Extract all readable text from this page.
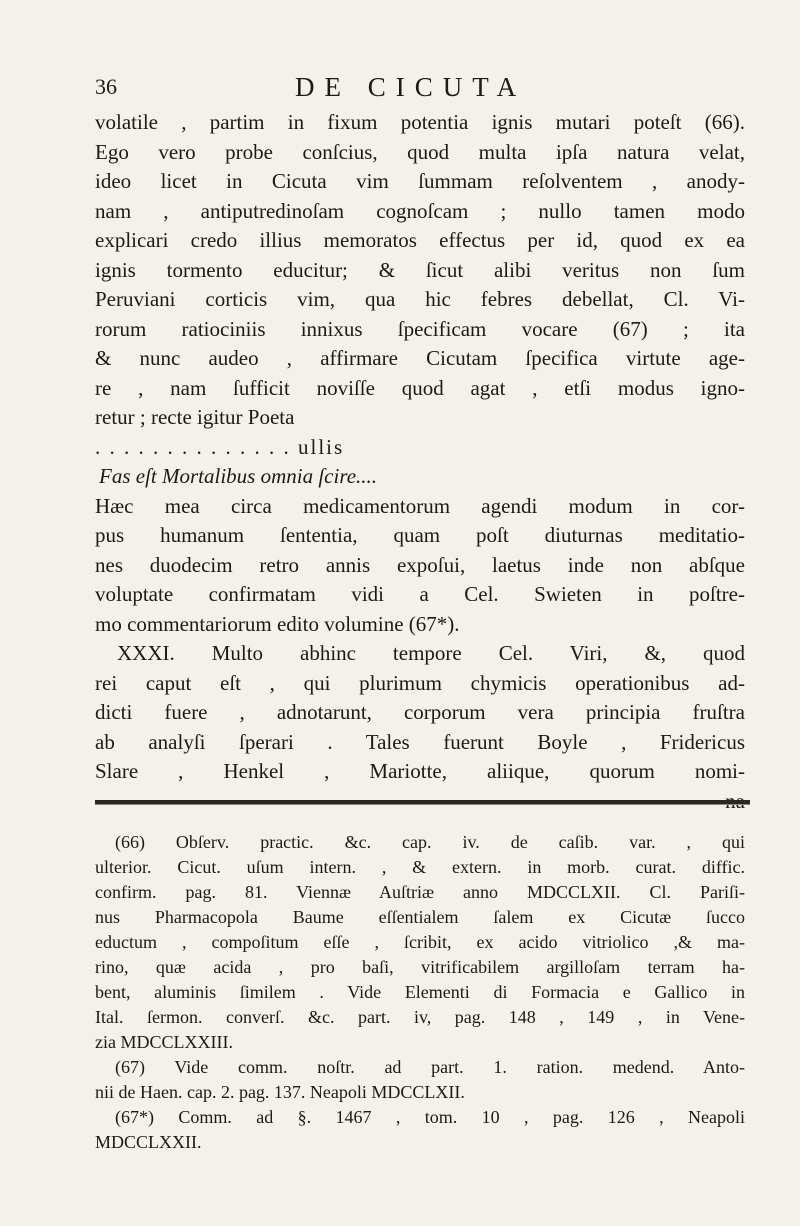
36	DE CICUTA
volatile , partim in fixum potentia ignis mutari poteſt (66).
Ego vero probe conſcius, quod multa ipſa natura velat,
ideo licet in Cicuta vim ſummam reſolventem , anody-
nam , antiputredinoſam cognoſcam ; nullo tamen modo
explicari credo illius memoratos effectus per id, quod ex ea
ignis tormento educitur; & ſicut alibi veritus non ſum
Peruviani corticis vim, qua hic febres debellat, Cl. Vi-
rorum ratiociniis innixus ſpecificam vocare (67) ; ita
& nunc audeo , affirmare Cicutam ſpecifica virtute age-
re , nam ſufficit noviſſe quod agat , etſi modus igno-
retur ; recte igitur Poeta
. . . . . . . . . . . . . . ullis
Fas eſt Mortalibus omnia ſcire....
Hæc mea circa medicamentorum agendi modum in cor-
pus humanum ſententia, quam poſt diuturnas meditatio-
nes duodecim retro annis expoſui, laetus inde non abſque
voluptate confirmatam vidi a Cel. Swieten in poſtre-
mo commentariorum edito volumine (67*).
XXXI. Multo abhinc tempore Cel. Viri, &, quod
rei caput eſt , qui plurimum chymicis operationibus ad-
dicti fuere , adnotarunt, corporum vera principia fruſtra
ab analyſi ſperari . Tales fuerunt Boyle , Fridericus
Slare , Henkel , Mariotte, aliique, quorum nomi-
(66) Obſerv. practic. &c. cap. iv. de caſib. var. , qui
ulterior. Cicut. uſum intern. , & extern. in morb. curat. diffic.
confirm. pag. 81. Viennæ Auſtriæ anno MDCCLXII. Cl. Pariſi-
nus Pharmacopola Baume eſſentialem ſalem ex Cicutæ ſucco
eductum , compoſitum eſſe , ſcribit, ex acido vitriolico ,& ma-
rino, quæ acida , pro baſi, vitrificabilem argilloſam terram ha-
bent, aluminis ſimilem . Vide Elementi di Formacia e Gallico in
Ital. ſermon. converſ. &c. part. iv, pag. 148 , 149 , in Vene-
zia MDCCLXXIII.
(67) Vide comm. noſtr. ad part. 1. ration. medend. Anto-
nii de Haen. cap. 2. pag. 137. Neapoli MDCCLXII.
(67*) Comm. ad §. 1467 , tom. 10 , pag. 126 , Neapoli
MDCCLXXII.
